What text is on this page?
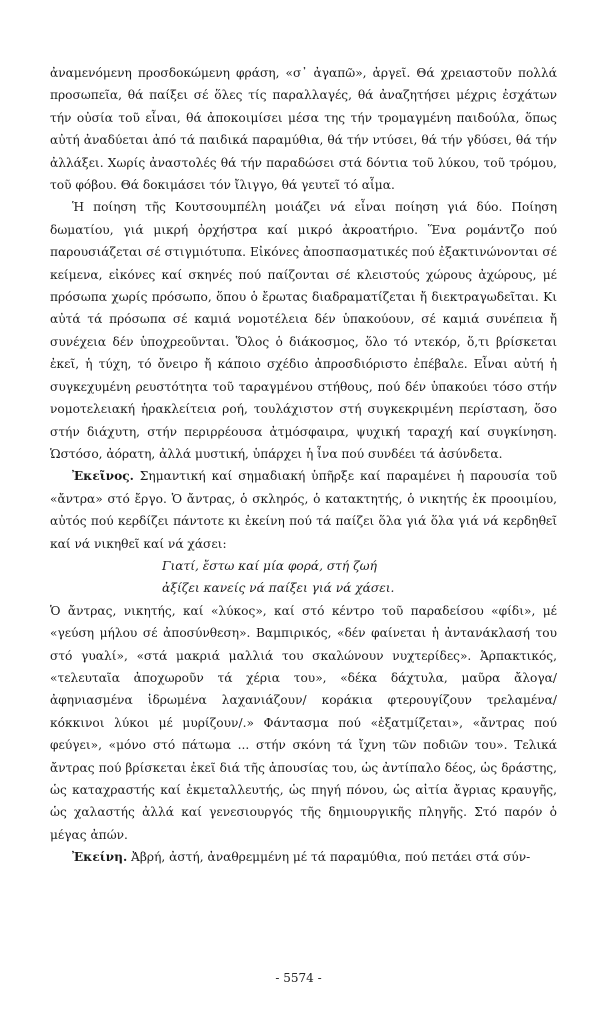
ἀναμενόμενη προσδοκώμενη φράση, «σ᾿ ἀγαπῶ», ἀργεῖ. Θά χρειαστοῦν πολλά προσωπεῖα, θά παίξει σέ ὅλες τίς παραλλαγές, θά ἀναζητήσει μέχρις ἐσχάτων τήν οὐσία τοῦ εἶναι, θά ἀποκοιμίσει μέσα της τήν τρομαγμένη παιδούλα, ὅπως αὐτή ἀναδύεται ἀπό τά παιδικά παραμύθια, θά τήν ντύσει, θά τήν γδύσει, θά τήν ἀλλάξει. Χωρίς ἀναστολές θά τήν παραδώσει στά δόντια τοῦ λύκου, τοῦ τρόμου, τοῦ φόβου. Θά δοκιμάσει τόν ἴλιγγο, θά γευτεῖ τό αἷμα.

Ἡ ποίηση τῆς Κουτσουμπέλη μοιάζει νά εἶναι ποίηση γιά δύο. Ποίηση δωματίου, γιά μικρή ὀρχήστρα καί μικρό ἀκροατήριο. Ἕνα ρομάντζο πού παρουσιάζεται σέ στιγμιότυπα. Εἰκόνες ἀποσπασματικές πού ἐξακτινώνονται σέ κείμενα, εἰκόνες καί σκηνές πού παίζονται σέ κλειστούς χώρους ἀχώρους, μέ πρόσωπα χωρίς πρόσωπο, ὅπου ὁ ἔρωτας διαδραματίζεται ἤ διεκτραγωδεῖται. Κι αὐτά τά πρόσωπα σέ καμιά νομοτέλεια δέν ὑπακούουν, σέ καμιά συνέπεια ἤ συνέχεια δέν ὑποχρεοῦνται. Ὅλος ὁ διάκοσμος, ὅλο τό ντεκόρ, ὅ,τι βρίσκεται ἐκεῖ, ἡ τύχη, τό ὄνειρο ἤ κάποιο σχέδιο ἀπροσδιόριστο ἐπέβαλε. Εἶναι αὐτή ἡ συγκεχυμένη ρευστότητα τοῦ ταραγμένου στήθους, πού δέν ὑπακούει τόσο στήν νομοτελειακή ἡρακλείτεια ροή, τουλάχιστον στή συγκεκριμένη περίσταση, ὅσο στήν διάχυτη, στήν περιρρέουσα ἀτμόσφαιρα, ψυχική ταραχή καί συγκίνηση. Ὡστόσο, ἀόρατη, ἀλλά μυστική, ὑπάρχει ἡ ἶνα πού συνδέει τά ἀσύνδετα.

Ἐκεῖνος. Σημαντική καί σημαδιακή ὑπῆρξε καί παραμένει ἡ παρουσία τοῦ «ἄντρα» στό ἔργο. Ὁ ἄντρας, ὁ σκληρός, ὁ κατακτητής, ὁ νικητής ἐκ προοιμίου, αὐτός πού κερδίζει πάντοτε κι ἐκείνη πού τά παίζει ὅλα γιά ὅλα γιά νά κερδηθεῖ καί νά νικηθεῖ καί νά χάσει:

Γιατί, ἔστω καί μία φορά, στή ζωή
ἀξίζει κανείς νά παίξει γιά νά χάσει.

Ὁ ἄντρας, νικητής, καί «λύκος», καί στό κέντρο τοῦ παραδείσου «φίδι», μέ «γεύση μήλου σέ ἀποσύνθεση». Βαμπιρικός, «δέν φαίνεται ἡ ἀντανάκλασή του στό γυαλί», «στά μακριά μαλλιά του σκαλώνουν νυχτερίδες». Ἁρπακτικός, «τελευταῖα ἀποχωροῦν τά χέρια του», «δέκα δάχτυλα, μαῦρα ἄλογα/ ἀφηνιασμένα ἱδρωμένα λαχανιάζουν/ κοράκια φτερουγίζουν τρελαμένα/ κόκκινοι λύκοι μέ μυρίζουν/.» Φάντασμα πού «ἐξατμίζεται», «ἄντρας πού φεύγει», «μόνο στό πάτωμα ... στήν σκόνη τά ἴχνη τῶν ποδιῶν του». Τελικά ἄντρας πού βρίσκεται ἐκεῖ διά τῆς ἀπουσίας του, ὡς ἀντίπαλο δέος, ὡς δράστης, ὡς καταχραστής καί ἐκμεταλλευτής, ὡς πηγή πόνου, ὡς αἰτία ἄγριας κραυγῆς, ὡς χαλαστής ἀλλά καί γενεσιουργός τῆς δημιουργικῆς πληγῆς. Στό παρόν ὁ μέγας ἀπών.

Ἐκείνη. Ἀβρή, ἀστή, ἀναθρεμμένη μέ τά παραμύθια, πού πετάει στά σύν-

- 5574 -
